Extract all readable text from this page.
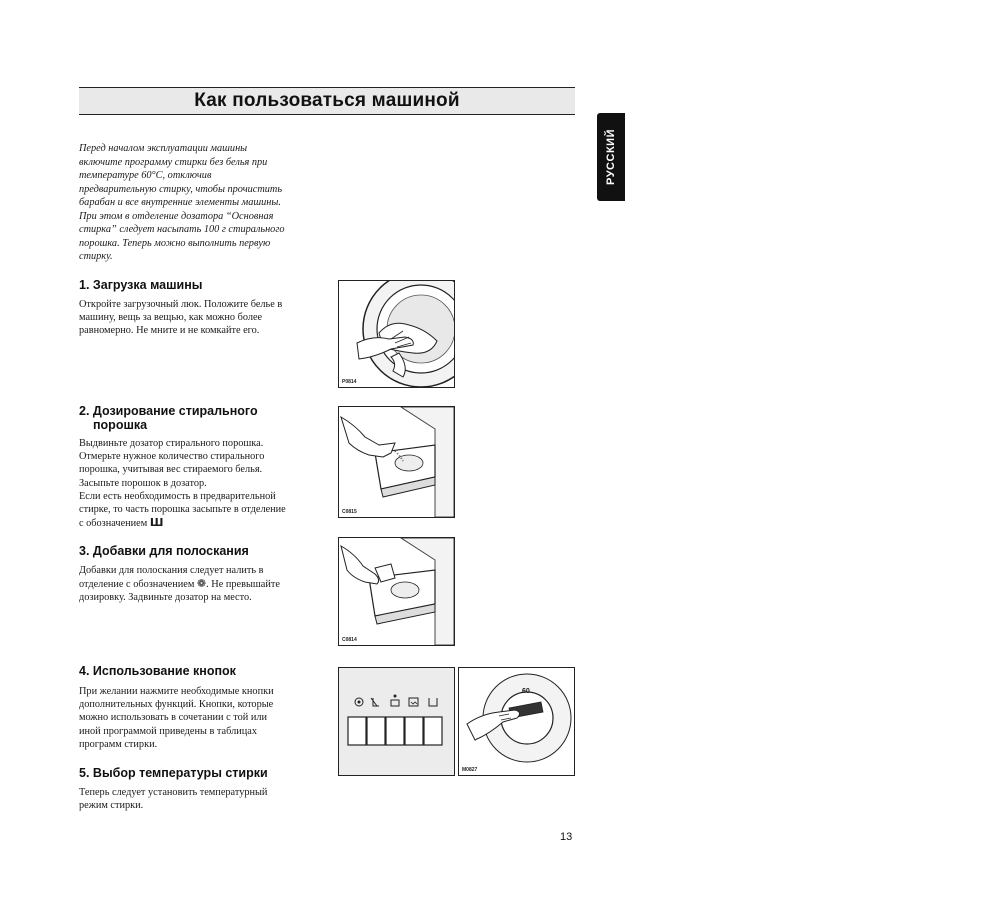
Как пользоваться машиной
РУССКИЙ
Перед началом эксплуатации машины
включите программу стирки без белья при
температуре 60°C, отключив
предварительную стирку, чтобы прочистить
барабан и все внутренние элементы машины.
При этом в отделение дозатора “Основная
стирка” следует насыпать 100 г стирального
порошка. Теперь можно выполнить первую
стирку.
1. Загрузка машины
Откройте загрузочный люк. Положите белье в
машину, вещь за вещью, как можно более
равномерно. Не мните и не комкайте его.
2. Дозирование стирального
порошка
Выдвиньте дозатор стирального порошка.
Отмерьте нужное количество стирального
порошка, учитывая вес стираемого белья.
Засыпьте порошок в дозатор.
Если есть необходимость в предварительной
стирке, то часть порошка засыпьте в отделение
с обозначением Ш
3. Добавки для полоскания
Добавки для полоскания следует налить в
отделение с обозначением ❁. Не превышайте
дозировку. Задвиньте дозатор на место.
4. Использование кнопок
При желании нажмите необходимые кнопки
дополнительных функций. Кнопки, которые
можно использовать в сочетании с той или
иной программой приведены в таблицах
программ стирки.
5. Выбор температуры стирки
Теперь следует установить температурный
режим стирки.
P0814
C0815
C0814
60
M0827
13
